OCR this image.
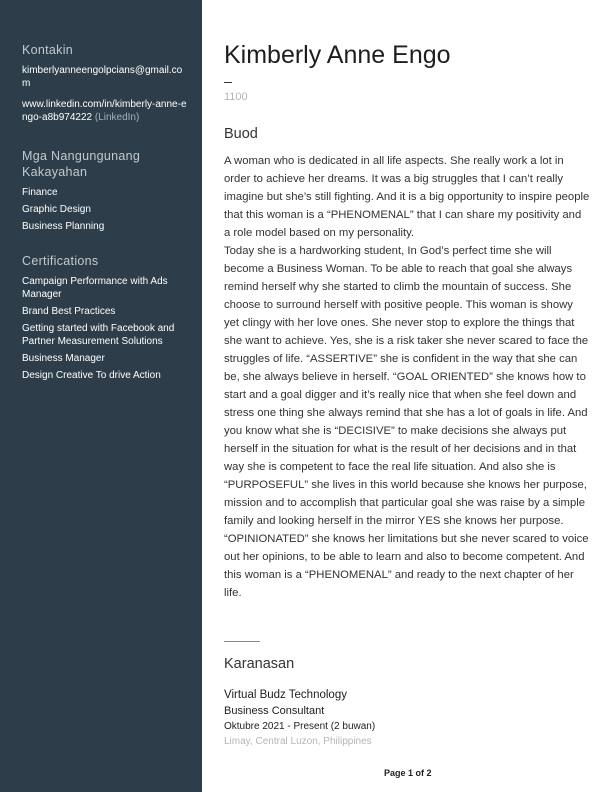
Kontakin
kimberlyanneengolpcians@gmail.com
www.linkedin.com/in/kimberly-anne-engo-a8b974222 (LinkedIn)
Mga Nangungunang Kakayahan
Finance
Graphic Design
Business Planning
Certifications
Campaign Performance with Ads Manager
Brand Best Practices
Getting started with Facebook and Partner Measurement Solutions
Business Manager
Design Creative To drive Action
Kimberly Anne Engo
1100
Buod

A woman who is dedicated in all life aspects. She really work a lot in order to achieve her dreams. It was a big struggles that I can’t really imagine but she’s still fighting. And it is a big opportunity to inspire people that this woman is a “PHENOMENAL” that I can share my positivity and a role model based on my personality.

Today she is a hardworking student, In God’s perfect time she will become a Business Woman. To be able to reach that goal she always remind herself why she started to climb the mountain of success. She choose to surround herself with positive people. This woman is showy yet clingy with her love ones. She never stop to explore the things that she want to achieve. Yes, she is a risk taker she never scared to face the struggles of life. “ASSERTIVE” she is confident in the way that she can be, she always believe in herself. “GOAL ORIENTED” she knows how to start and a goal digger and it’s really nice that when she feel down and stress one thing she always remind that she has a lot of goals in life. And you know what she is “DECISIVE” to make decisions she always put herself in the situation for what is the result of her decisions and in that way she is competent to face the real life situation. And also she is “PURPOSEFUL” she lives in this world because she knows her purpose, mission and to accomplish that particular goal she was raise by a simple family and looking herself in the mirror YES she knows her purpose. “OPINIONATED” she knows her limitations but she never scared to voice out her opinions, to be able to learn and also to become competent. And this woman is a “PHENOMENAL” and ready to the next chapter of her life.

Karanasan
Virtual Budz Technology
Business Consultant
Oktubre 2021 - Present (2 buwan)
Limay, Central Luzon, Philippines
Page 1 of 2
